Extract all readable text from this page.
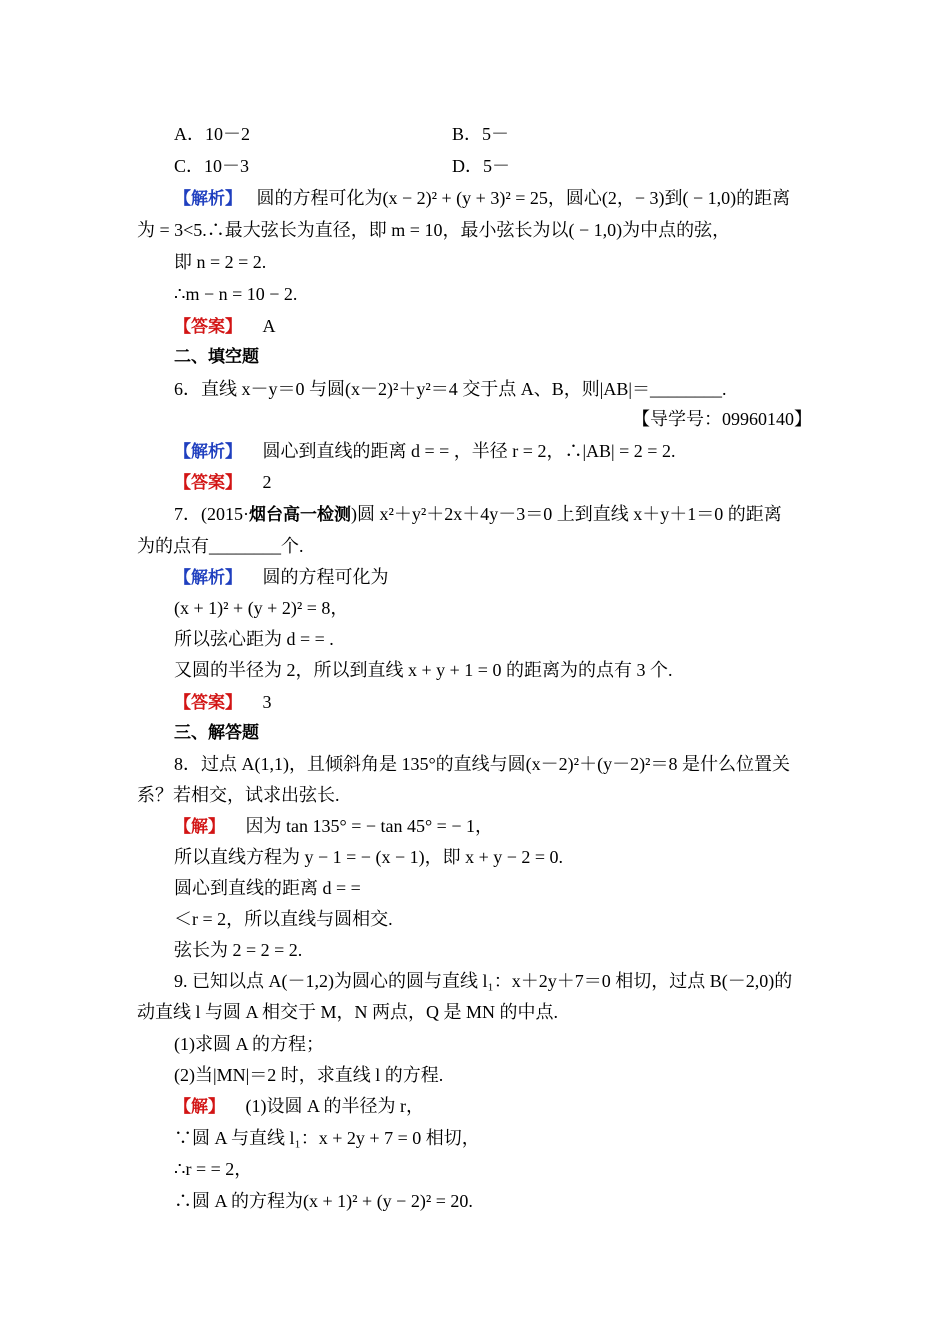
A．10－2	B．5－
C．10－3	D．5－
【解析】 圆的方程可化为(x − 2)² + (y + 3)² = 25，圆心(2，− 3)到( − 1,0)的距离
为 = 3<5.∴最大弦长为直径，即 m = 10，最小弦长为以( − 1,0)为中点的弦，
即 n = 2 = 2.
∴m − n = 10 − 2.
【答案】 A
二、填空题
6．直线 x－y＝0 与圆(x－2)²＋y²＝4 交于点 A、B，则|AB|＝________.
【导学号：09960140】
【解析】 圆心到直线的距离 d = = ，半径 r = 2，∴|AB| = 2 = 2.
【答案】 2
7．(2015·烟台高一检测)圆 x²＋y²＋2x＋4y－3＝0 上到直线 x＋y＋1＝0 的距离
为的点有________个.
【解析】 圆的方程可化为
(x + 1)² + (y + 2)² = 8，
所以弦心距为 d = = .
又圆的半径为 2，所以到直线 x + y + 1 = 0 的距离为的点有 3 个.
【答案】 3
三、解答题
8．过点 A(1,1)，且倾斜角是 135°的直线与圆(x－2)²＋(y－2)²＝8 是什么位置关
系？若相交，试求出弦长.
【解】 因为 tan 135° = − tan 45° = − 1，
所以直线方程为 y − 1 = − (x − 1)，即 x + y − 2 = 0.
圆心到直线的距离 d = =
＜r = 2，所以直线与圆相交.
弦长为 2 = 2 = 2.
9. 已知以点 A(－1,2)为圆心的圆与直线 l₁：x＋2y＋7＝0 相切，过点 B(－2,0)的
动直线 l 与圆 A 相交于 M，N 两点，Q 是 MN 的中点.
(1)求圆 A 的方程；
(2)当|MN|＝2 时，求直线 l 的方程.
【解】 (1)设圆 A 的半径为 r，
∵圆 A 与直线 l₁：x + 2y + 7 = 0 相切，
∴r = = 2，
∴圆 A 的方程为(x + 1)² + (y − 2)² = 20.
